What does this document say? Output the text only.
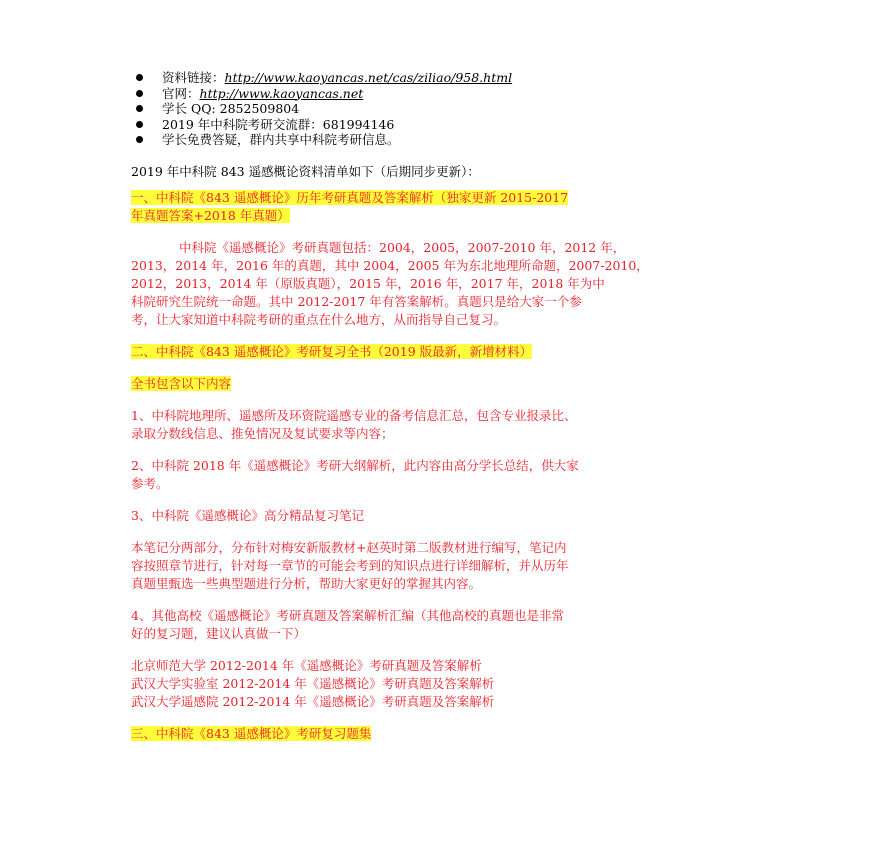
资料链接：http://www.kaoyancas.net/cas/ziliao/958.html
官网：http://www.kaoyancas.net
学长 QQ: 2852509804
2019 年中科院考研交流群：681994146
学长免费答疑，群内共享中科院考研信息。
2019 年中科院 843 遥感概论资料清单如下（后期同步更新）：
一、中科院《843 遥感概论》历年考研真题及答案解析（独家更新 2015-2017
年真题答案+2018 年真题）
中科院《遥感概论》考研真题包括：2004，2005，2007-2010 年，2012 年，
2013，2014 年，2016 年的真题，其中 2004，2005 年为东北地理所命题，2007-2010，
2012，2013，2014 年（原版真题），2015 年，2016 年，2017 年，2018 年为中
科院研究生院统一命题。其中 2012-2017 年有答案解析。真题只是给大家一个参
考，让大家知道中科院考研的重点在什么地方，从而指导自己复习。
二、中科院《843 遥感概论》考研复习全书（2019 版最新，新增材料）
全书包含以下内容
1、中科院地理所、遥感所及环资院遥感专业的备考信息汇总，包含专业报录比、
录取分数线信息、推免情况及复试要求等内容；
2、中科院 2018 年《遥感概论》考研大纲解析，此内容由高分学长总结，供大家
参考。
3、中科院《遥感概论》高分精品复习笔记
本笔记分两部分，分布针对梅安新版教材+赵英时第二版教材进行编写，笔记内
容按照章节进行，针对每一章节的可能会考到的知识点进行详细解析，并从历年
真题里甄选一些典型题进行分析，帮助大家更好的掌握其内容。
4、其他高校《遥感概论》考研真题及答案解析汇编（其他高校的真题也是非常
好的复习题，建议认真做一下）
北京师范大学 2012-2014 年《遥感概论》考研真题及答案解析
武汉大学实验室 2012-2014 年《遥感概论》考研真题及答案解析
武汉大学遥感院 2012-2014 年《遥感概论》考研真题及答案解析
三、中科院《843 遥感概论》考研复习题集
